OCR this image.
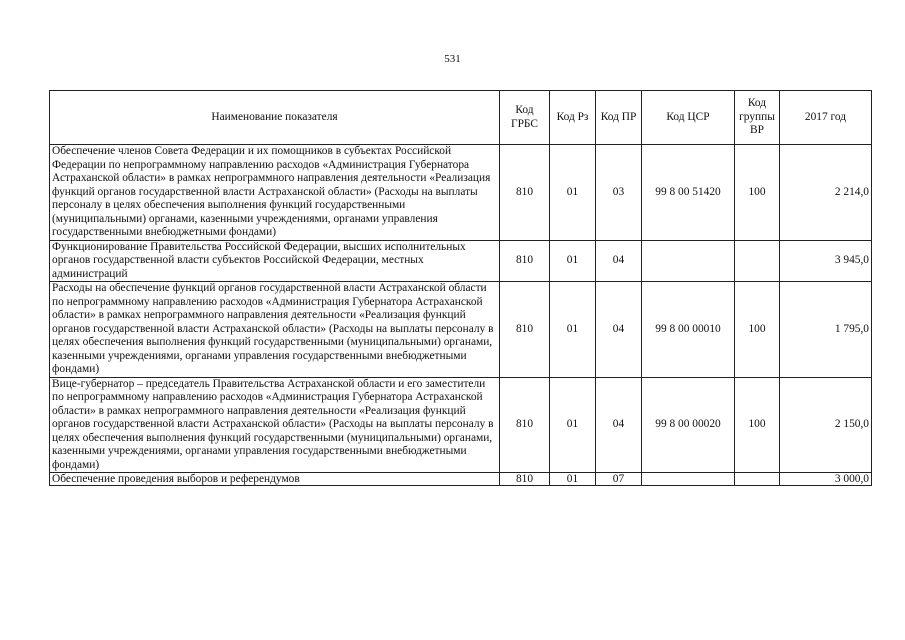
531
Наименование показателя	Код ГРБС	Код Рз	Код ПР	Код ЦСР	Код группы ВР	2017 год
Обеспечение членов Совета Федерации и их помощников в субъектах Российской Федерации по непрограммному направлению расходов «Администрация Губернатора Астраханской области» в рамках непрограммного направления деятельности «Реализация функций органов государственной власти Астраханской области» (Расходы на выплаты персоналу в целях обеспечения выполнения функций государственными (муниципальными) органами, казенными учреждениями, органами управления государственными внебюджетными фондами)	810	01	03	99 8 00 51420	100	2 214,0
Функционирование Правительства Российской Федерации, высших исполнительных органов государственной власти субъектов Российской Федерации, местных администраций	810	01	04			3 945,0
Расходы на обеспечение функций органов государственной власти Астраханской области по непрограммному направлению расходов «Администрация Губернатора Астраханской области» в рамках непрограммного направления деятельности «Реализация функций органов государственной власти Астраханской области» (Расходы на выплаты персоналу в целях обеспечения выполнения функций государственными (муниципальными) органами, казенными учреждениями, органами управления государственными внебюджетными фондами)	810	01	04	99 8 00 00010	100	1 795,0
Вице-губернатор – председатель Правительства Астраханской области и его заместители по непрограммному направлению расходов «Администрация Губернатора Астраханской области» в рамках непрограммного направления деятельности «Реализация функций органов государственной власти Астраханской области» (Расходы на выплаты персоналу в целях обеспечения выполнения функций государственными (муниципальными) органами, казенными учреждениями, органами управления государственными внебюджетными фондами)	810	01	04	99 8 00 00020	100	2 150,0
Обеспечение проведения выборов и референдумов	810	01	07			3 000,0
